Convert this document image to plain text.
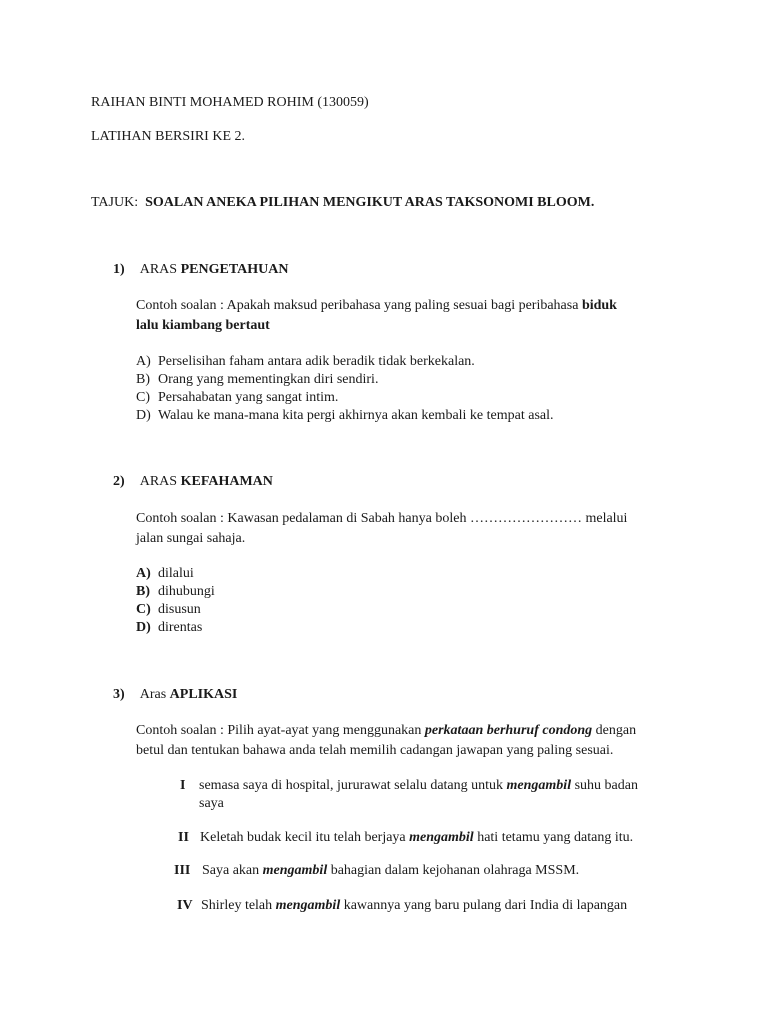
RAIHAN BINTI MOHAMED ROHIM (130059)
LATIHAN BERSIRI KE 2.
TAJUK: SOALAN ANEKA PILIHAN MENGIKUT ARAS TAKSONOMI BLOOM.
1) ARAS PENGETAHUAN
Contoh soalan : Apakah maksud peribahasa yang paling sesuai bagi peribahasa biduk
lalu kiambang bertaut
A) Perselisihan faham antara adik beradik tidak berkekalan.
B) Orang yang mementingkan diri sendiri.
C) Persahabatan yang sangat intim.
D) Walau ke mana-mana kita pergi akhirnya akan kembali ke tempat asal.
2) ARAS KEFAHAMAN
Contoh soalan : Kawasan pedalaman di Sabah hanya boleh …………………… melalui
jalan sungai sahaja.
A) dilalui
B) dihubungi
C) disusun
D) direntas
3) Aras APLIKASI
Contoh soalan : Pilih ayat-ayat yang menggunakan perkataan berhuruf condong dengan
betul dan tentukan bahawa anda telah memilih cadangan jawapan yang paling sesuai.
I semasa saya di hospital, jururawat selalu datang untuk mengambil suhu badan
saya
II Keletah budak kecil itu telah berjaya mengambil hati tetamu yang datang itu.
III Saya akan mengambil bahagian dalam kejohanan olahraga MSSM.
IV Shirley telah mengambil kawannya yang baru pulang dari India di lapangan
